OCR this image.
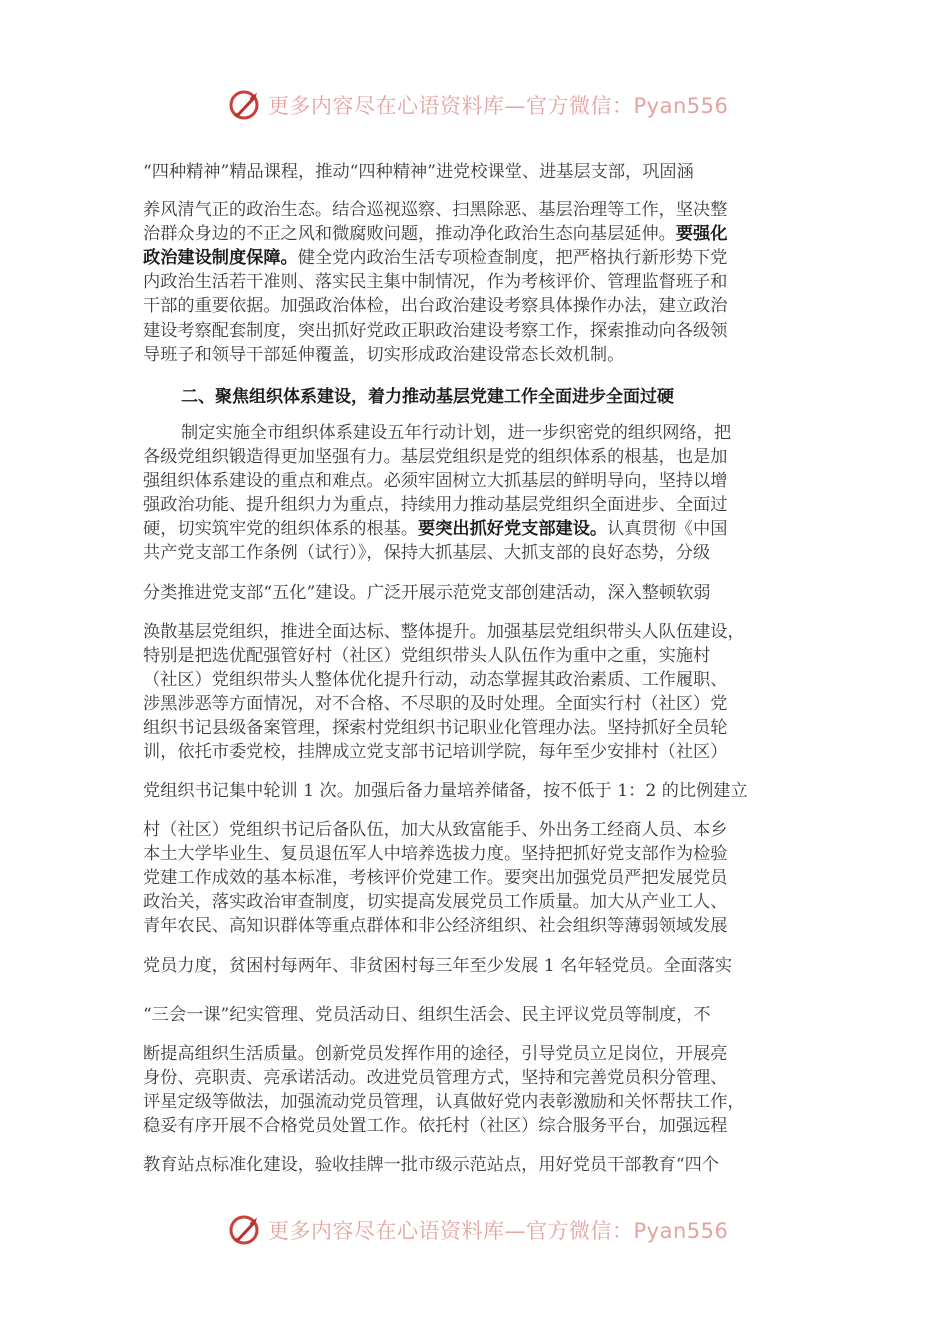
更多内容尽在心语资料库—官方微信：Pyan556
“四种精神”精品课程，推动“四种精神”进党校课堂、进基层支部，巩固涵
养风清气正的政治生态。结合巡视巡察、扫黑除恶、基层治理等工作，坚决整
治群众身边的不正之风和微腐败问题，推动净化政治生态向基层延伸。要强化
政治建设制度保障。健全党内政治生活专项检查制度，把严格执行新形势下党
内政治生活若干准则、落实民主集中制情况，作为考核评价、管理监督班子和
干部的重要依据。加强政治体检，出台政治建设考察具体操作办法，建立政治
建设考察配套制度，突出抓好党政正职政治建设考察工作，探索推动向各级领
导班子和领导干部延伸覆盖，切实形成政治建设常态长效机制。
二、聚焦组织体系建设，着力推动基层党建工作全面进步全面过硬
制定实施全市组织体系建设五年行动计划，进一步织密党的组织网络，把
各级党组织锻造得更加坚强有力。基层党组织是党的组织体系的根基，也是加
强组织体系建设的重点和难点。必须牢固树立大抓基层的鲜明导向，坚持以增
强政治功能、提升组织力为重点，持续用力推动基层党组织全面进步、全面过
硬，切实筑牢党的组织体系的根基。要突出抓好党支部建设。认真贯彻《中国
共产党支部工作条例（试行）》，保持大抓基层、大抓支部的良好态势，分级
分类推进党支部“五化”建设。广泛开展示范党支部创建活动，深入整顿软弱
涣散基层党组织，推进全面达标、整体提升。加强基层党组织带头人队伍建设，
特别是把选优配强管好村（社区）党组织带头人队伍作为重中之重，实施村
（社区）党组织带头人整体优化提升行动，动态掌握其政治素质、工作履职、
涉黑涉恶等方面情况，对不合格、不尽职的及时处理。全面实行村（社区）党
组织书记县级备案管理，探索村党组织书记职业化管理办法。坚持抓好全员轮
训，依托市委党校，挂牌成立党支部书记培训学院，每年至少安排村（社区）
党组织书记集中轮训 1 次。加强后备力量培养储备，按不低于 1：2 的比例建立
村（社区）党组织书记后备队伍，加大从致富能手、外出务工经商人员、本乡
本土大学毕业生、复员退伍军人中培养选拔力度。坚持把抓好党支部作为检验
党建工作成效的基本标准，考核评价党建工作。要突出加强党员严把发展党员
政治关，落实政治审查制度，切实提高发展党员工作质量。加大从产业工人、
青年农民、高知识群体等重点群体和非公经济组织、社会组织等薄弱领域发展
党员力度，贫困村每两年、非贫困村每三年至少发展 1 名年轻党员。全面落实
“三会一课”纪实管理、党员活动日、组织生活会、民主评议党员等制度，不
断提高组织生活质量。创新党员发挥作用的途径，引导党员立足岗位，开展亮
身份、亮职责、亮承诺活动。改进党员管理方式，坚持和完善党员积分管理、
评星定级等做法，加强流动党员管理，认真做好党内表彰激励和关怀帮扶工作，
稳妥有序开展不合格党员处置工作。依托村（社区）综合服务平台，加强远程
教育站点标准化建设，验收挂牌一批市级示范站点，用好党员干部教育“四个
更多内容尽在心语资料库—官方微信：Pyan556
